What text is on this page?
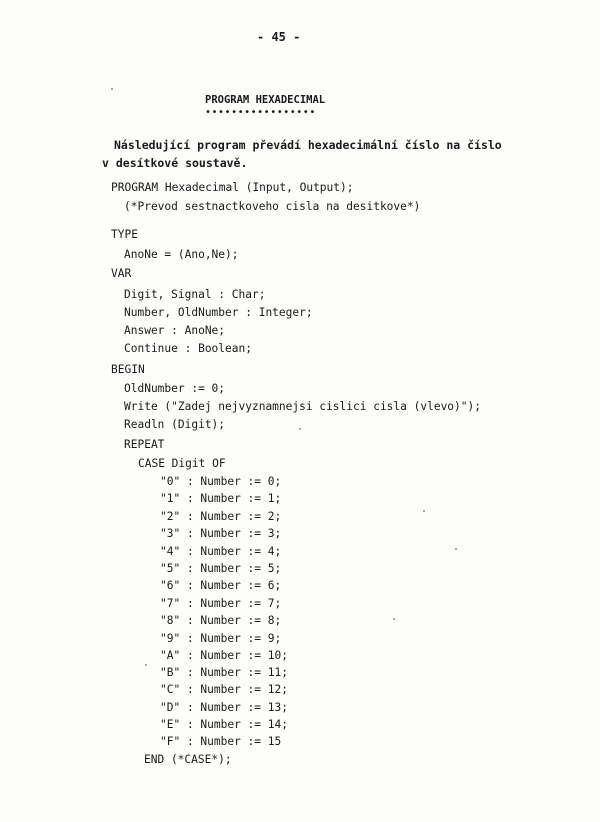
- 45 -
PROGRAM HEXADECIMAL
•••••••••••••••••
Následující program převádí hexadecimální číslo na číslo
v desítkové soustavě.
PROGRAM Hexadecimal (Input, Output);
(*Prevod sestnactkoveho cisla na desitkove*)
TYPE
AnoNe = (Ano,Ne);
VAR
Digit, Signal : Char;
Number, OldNumber : Integer;
Answer : AnoNe;
Continue : Boolean;
BEGIN
OldNumber := 0;
Write ("Zadej nejvyznamnejsi cislici cisla (vlevo)");
Readln (Digit);
REPEAT
CASE Digit OF
"0" : Number := 0;
"1" : Number := 1;
"2" : Number := 2;
"3" : Number := 3;
"4" : Number := 4;
"5" : Number := 5;
"6" : Number := 6;
"7" : Number := 7;
"8" : Number := 8;
"9" : Number := 9;
"A" : Number := 10;
"B" : Number := 11;
"C" : Number := 12;
"D" : Number := 13;
"E" : Number := 14;
"F" : Number := 15
END (*CASE*);
